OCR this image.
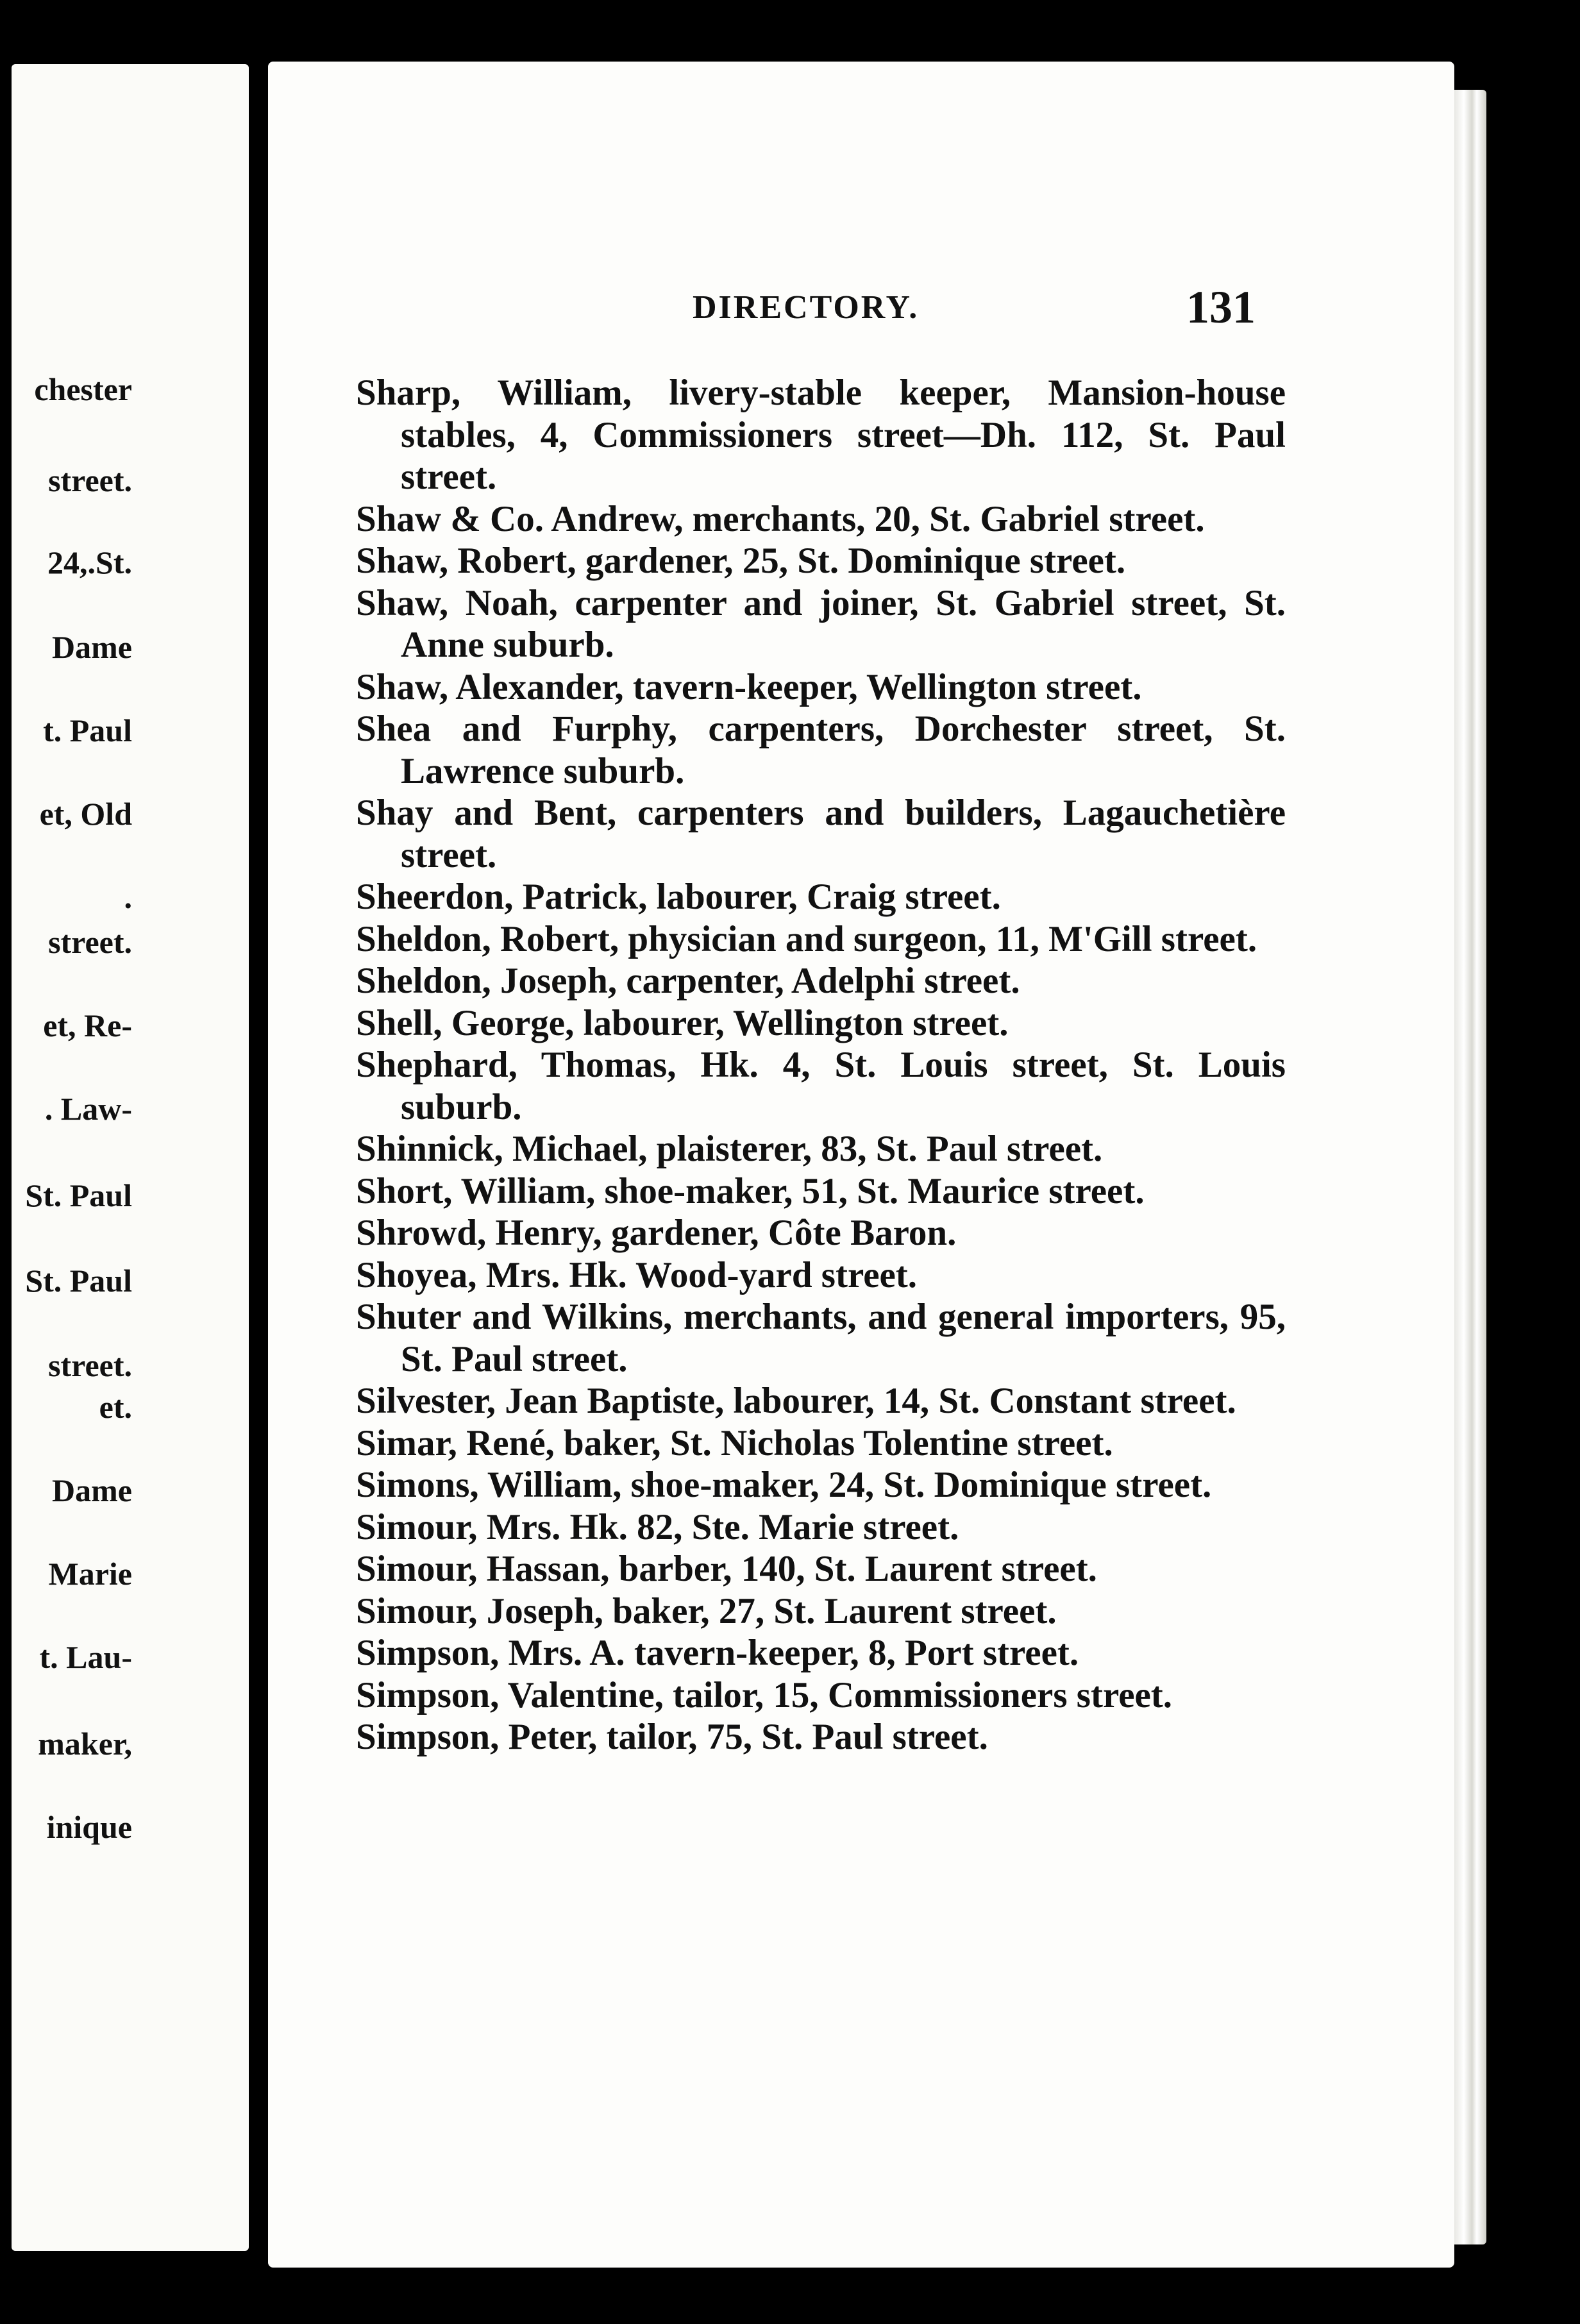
chester
street.
24,.St.
Dame
t. Paul
et, Old
.
street.
et, Re-
. Law-
St. Paul
St. Paul
street.
et.
Dame
Marie
t. Lau-
maker,
inique
DIRECTORY.	131
Sharp, William, livery-stable keeper, Mansion-house stables, 4, Commissioners street—Dh. 112, St. Paul street.
Shaw & Co. Andrew, merchants, 20, St. Gabriel street.
Shaw, Robert, gardener, 25, St. Dominique street.
Shaw, Noah, carpenter and joiner, St. Gabriel street, St. Anne suburb.
Shaw, Alexander, tavern-keeper, Wellington street.
Shea and Furphy, carpenters, Dorchester street, St. Lawrence suburb.
Shay and Bent, carpenters and builders, Lagauchetière street.
Sheerdon, Patrick, labourer, Craig street.
Sheldon, Robert, physician and surgeon, 11, M'Gill street.
Sheldon, Joseph, carpenter, Adelphi street.
Shell, George, labourer, Wellington street.
Shephard, Thomas, Hk. 4, St. Louis street, St. Louis suburb.
Shinnick, Michael, plaisterer, 83, St. Paul street.
Short, William, shoe-maker, 51, St. Maurice street.
Shrowd, Henry, gardener, Côte Baron.
Shoyea, Mrs. Hk. Wood-yard street.
Shuter and Wilkins, merchants, and general importers, 95, St. Paul street.
Silvester, Jean Baptiste, labourer, 14, St. Constant street.
Simar, René, baker, St. Nicholas Tolentine street.
Simons, William, shoe-maker, 24, St. Dominique street.
Simour, Mrs. Hk. 82, Ste. Marie street.
Simour, Hassan, barber, 140, St. Laurent street.
Simour, Joseph, baker, 27, St. Laurent street.
Simpson, Mrs. A. tavern-keeper, 8, Port street.
Simpson, Valentine, tailor, 15, Commissioners street.
Simpson, Peter, tailor, 75, St. Paul street.
